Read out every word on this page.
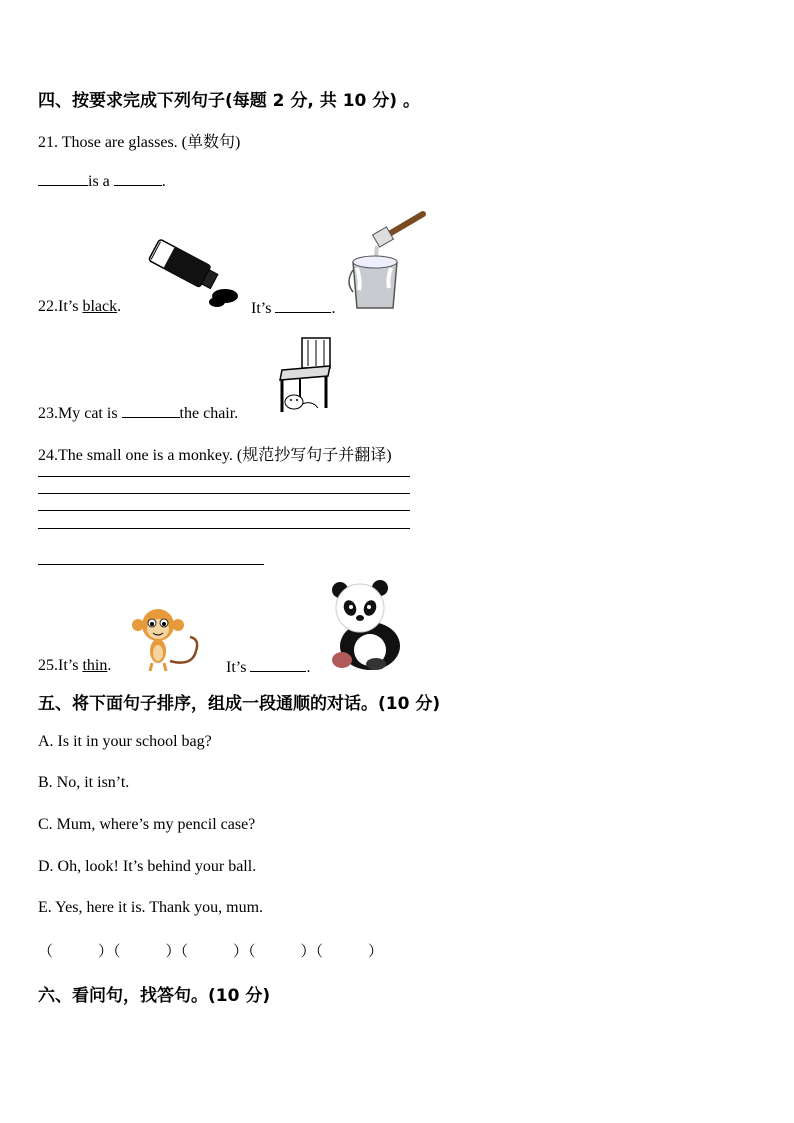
四、按要求完成下列句子(每题 2 分, 共 10 分) 。
21. Those are glasses. (单数句)
is a	.
22.It’s black.	It’s	.
23.My cat is	the chair.
24.The small one is a monkey. (规范抄写句子并翻译)
25.It’s thin.	It’s	.
五、将下面句子排序，组成一段通顺的对话。(10 分)
A. Is it in your school bag?
B. No, it isn’t.
C. Mum, where’s my pencil case?
D. Oh, look! It’s behind your ball.
E. Yes, here it is. Thank you, mum.
（　　　）（　　　）（　　　）（　　　）（　　　）
六、看问句，找答句。(10 分)
